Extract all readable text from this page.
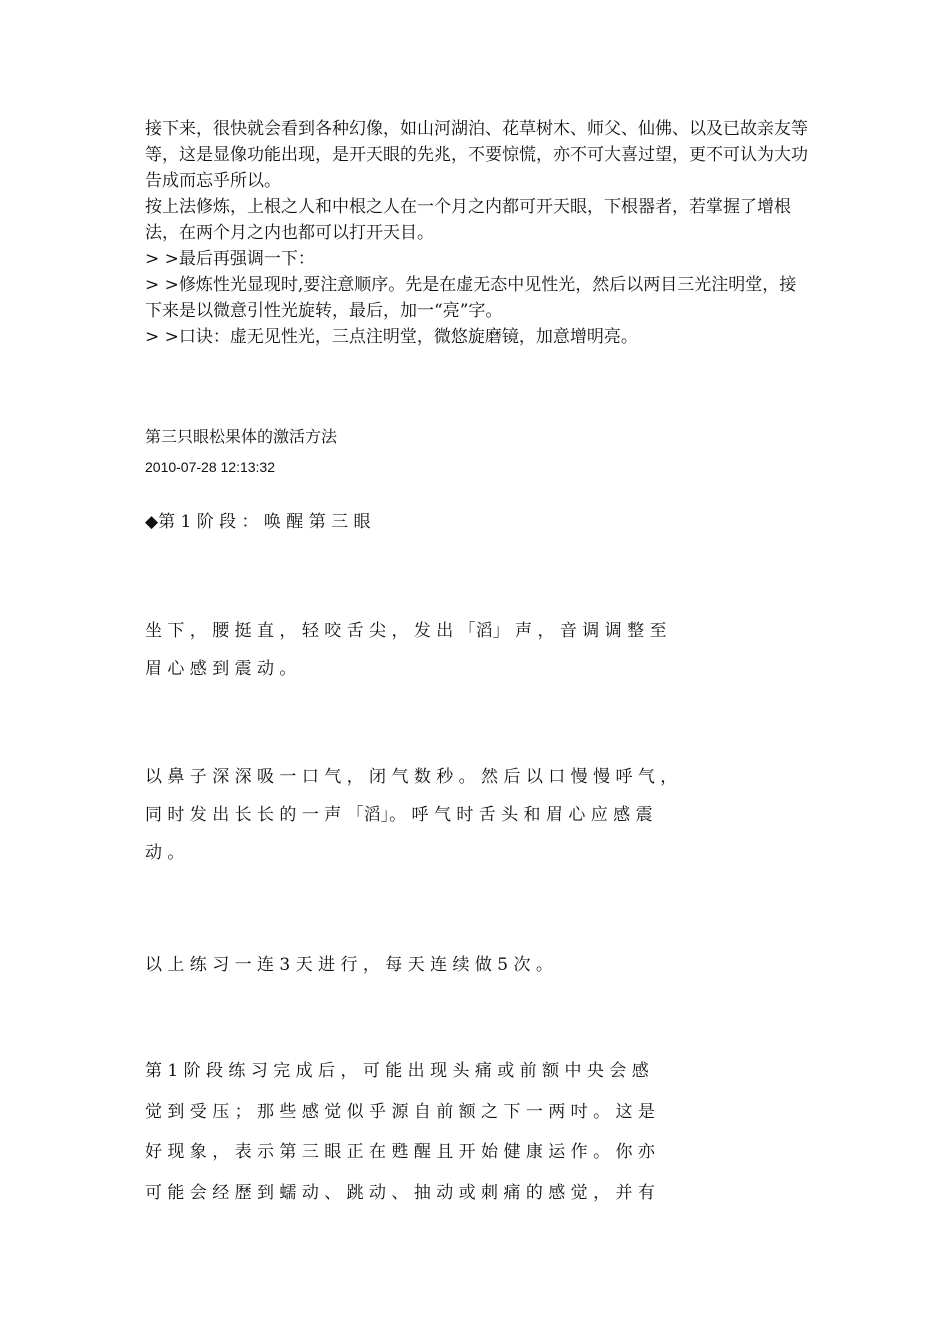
接下来，很快就会看到各种幻像，如山河湖泊、花草树木、师父、仙佛、以及已故亲友等等，这是显像功能出现，是开天眼的先兆，不要惊慌，亦不可大喜过望，更不可认为大功告成而忘乎所以。

按上法修炼，上根之人和中根之人在一个月之内都可开天眼，下根器者，若掌握了增根法，在两个月之内也都可以打开天目。

> >最后再强调一下：

> >修炼性光显现时,要注意顺序。先是在虚无态中见性光，然后以两目三光注明堂，接下来是以微意引性光旋转，最后，加一“亮”字。

> >口诀：虚无见性光，三点注明堂，微悠旋磨镜，加意增明亮。

第三只眼松果体的激活方法
2010-07-28 12:13:32
◆第 1 阶 段 ： 唤 醒 第 三 眼
坐 下 ， 腰 挺 直 ， 轻 咬 舌 尖 ， 发 出 「滔」 声 ， 音 调 调 整 至
眉 心 感 到 震 动 。
以 鼻 子 深 深 吸 一 口 气 ， 闭 气 数 秒 。 然 后 以 口 慢 慢 呼 气 ，
同 时 发 出 长 长 的 一 声 「滔」。 呼 气 时 舌 头 和 眉 心 应 感 震
动 。
以 上 练 习 一 连 3 天 进 行 ， 每 天 连 续 做 5 次 。
第 1 阶 段 练 习 完 成 后 ， 可 能 出 现 头 痛 或 前 额 中 央 会 感
觉 到 受 压 ； 那 些 感 觉 似 乎 源 自 前 额 之 下 一 两 吋 。 这 是
好 现 象 ， 表 示 第 三 眼 正 在 甦 醒 且 开 始 健 康 运 作 。 你 亦
可 能 会 经 歷 到 蠕 动 、 跳 动 、 抽 动 或 刺 痛 的 感 觉 ， 并 有
